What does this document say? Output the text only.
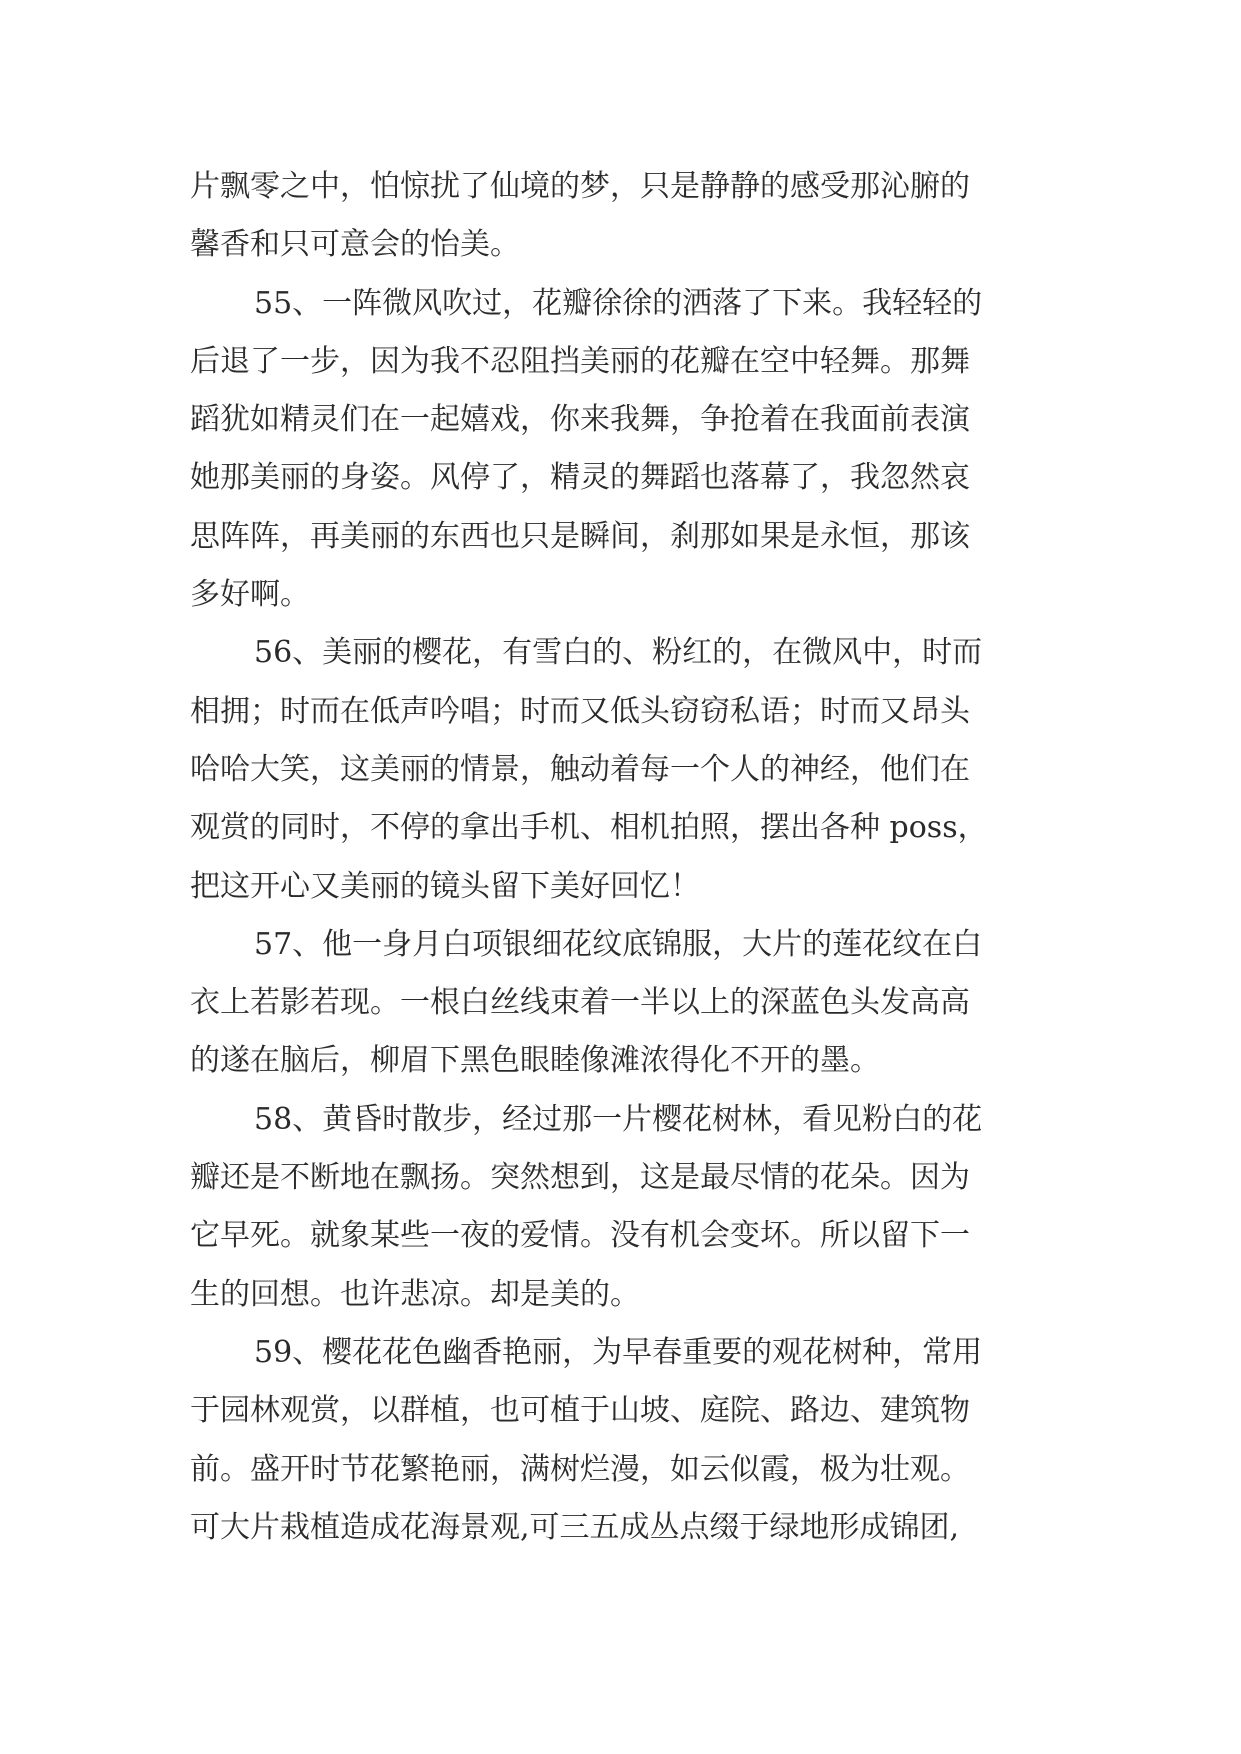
片飘零之中，怕惊扰了仙境的梦，只是静静的感受那沁腑的
馨香和只可意会的怡美。
55、一阵微风吹过，花瓣徐徐的洒落了下来。我轻轻的
后退了一步，因为我不忍阻挡美丽的花瓣在空中轻舞。那舞
蹈犹如精灵们在一起嬉戏，你来我舞，争抢着在我面前表演
她那美丽的身姿。风停了，精灵的舞蹈也落幕了，我忽然哀
思阵阵，再美丽的东西也只是瞬间，刹那如果是永恒，那该
多好啊。
56、美丽的樱花，有雪白的、粉红的，在微风中，时而
相拥；时而在低声吟唱；时而又低头窃窃私语；时而又昂头
哈哈大笑，这美丽的情景，触动着每一个人的神经，他们在
观赏的同时，不停的拿出手机、相机拍照，摆出各种 poss，
把这开心又美丽的镜头留下美好回忆！
57、他一身月白项银细花纹底锦服，大片的莲花纹在白
衣上若影若现。一根白丝线束着一半以上的深蓝色头发高高
的遂在脑后，柳眉下黑色眼睦像滩浓得化不开的墨。
58、黄昏时散步，经过那一片樱花树林，看见粉白的花
瓣还是不断地在飘扬。突然想到，这是最尽情的花朵。因为
它早死。就象某些一夜的爱情。没有机会变坏。所以留下一
生的回想。也许悲凉。却是美的。
59、樱花花色幽香艳丽，为早春重要的观花树种，常用
于园林观赏，以群植，也可植于山坡、庭院、路边、建筑物
前。盛开时节花繁艳丽，满树烂漫，如云似霞，极为壮观。
可大片栽植造成花海景观,可三五成丛点缀于绿地形成锦团,
